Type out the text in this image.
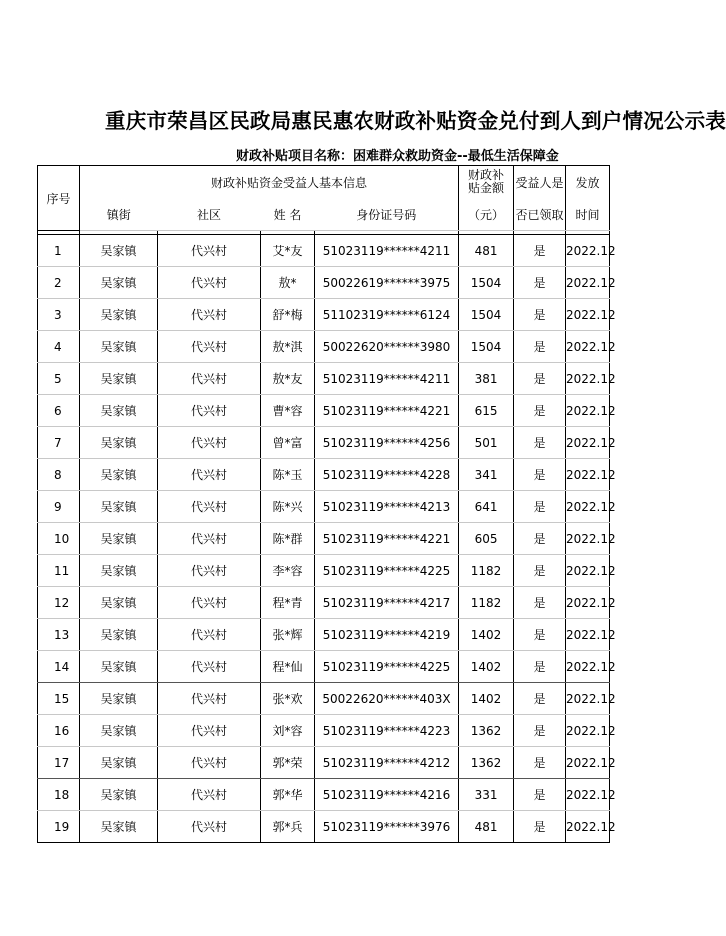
重庆市荣昌区民政局惠民惠农财政补贴资金兑付到人到户情况公示表
财政补贴项目名称：困难群众救助资金--最低生活保障金
序号	财政补贴资金受益人基本信息				财政补贴金额	受益人是	发放
	镇街	社区	姓 名	身份证号码	（元）	否已领取	时间

1	吴家镇	代兴村	艾*友	51023119******4211	481	是	2022.12
2	吴家镇	代兴村	敖*	50022619******3975	1504	是	2022.12
3	吴家镇	代兴村	舒*梅	51102319******6124	1504	是	2022.12
4	吴家镇	代兴村	敖*淇	50022620******3980	1504	是	2022.12
5	吴家镇	代兴村	敖*友	51023119******4211	381	是	2022.12
6	吴家镇	代兴村	曹*容	51023119******4221	615	是	2022.12
7	吴家镇	代兴村	曾*富	51023119******4256	501	是	2022.12
8	吴家镇	代兴村	陈*玉	51023119******4228	341	是	2022.12
9	吴家镇	代兴村	陈*兴	51023119******4213	641	是	2022.12
10	吴家镇	代兴村	陈*群	51023119******4221	605	是	2022.12
11	吴家镇	代兴村	李*容	51023119******4225	1182	是	2022.12
12	吴家镇	代兴村	程*青	51023119******4217	1182	是	2022.12
13	吴家镇	代兴村	张*辉	51023119******4219	1402	是	2022.12
14	吴家镇	代兴村	程*仙	51023119******4225	1402	是	2022.12
15	吴家镇	代兴村	张*欢	50022620******403X	1402	是	2022.12
16	吴家镇	代兴村	刘*容	51023119******4223	1362	是	2022.12
17	吴家镇	代兴村	郭*荣	51023119******4212	1362	是	2022.12
18	吴家镇	代兴村	郭*华	51023119******4216	331	是	2022.12
19	吴家镇	代兴村	郭*兵	51023119******3976	481	是	2022.12
